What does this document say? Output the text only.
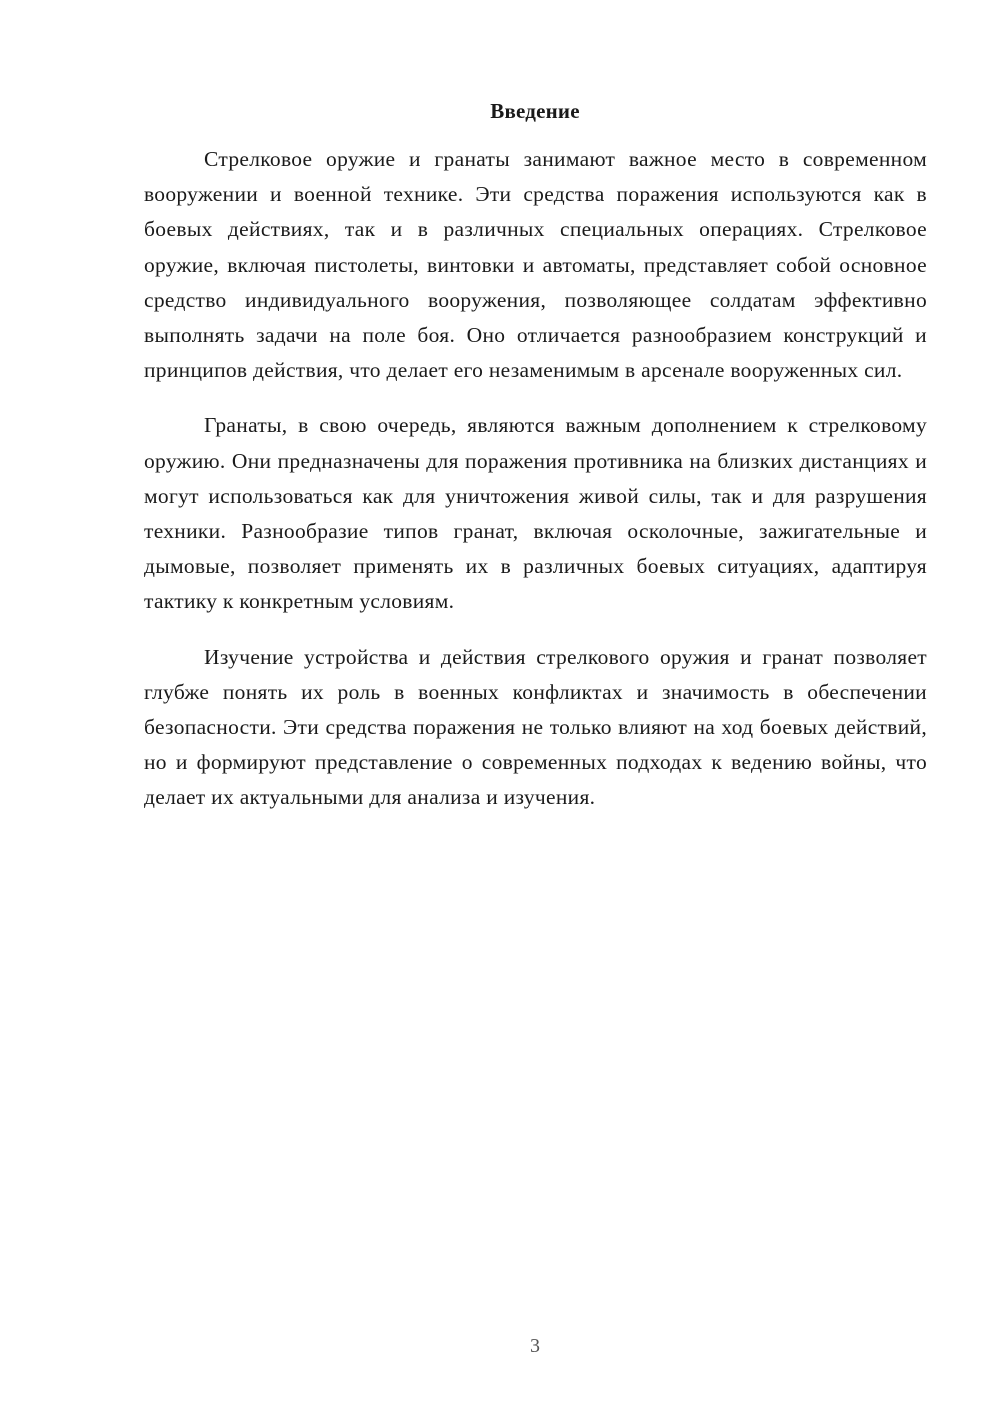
Введение

Стрелковое оружие и гранаты занимают важное место в современном вооружении и военной технике. Эти средства поражения используются как в боевых действиях, так и в различных специальных операциях. Стрелковое оружие, включая пистолеты, винтовки и автоматы, представляет собой основное средство индивидуального вооружения, позволяющее солдатам эффективно выполнять задачи на поле боя. Оно отличается разнообразием конструкций и принципов действия, что делает его незаменимым в арсенале вооруженных сил.

Гранаты, в свою очередь, являются важным дополнением к стрелковому оружию. Они предназначены для поражения противника на близких дистанциях и могут использоваться как для уничтожения живой силы, так и для разрушения техники. Разнообразие типов гранат, включая осколочные, зажигательные и дымовые, позволяет применять их в различных боевых ситуациях, адаптируя тактику к конкретным условиям.

Изучение устройства и действия стрелкового оружия и гранат позволяет глубже понять их роль в военных конфликтах и значимость в обеспечении безопасности. Эти средства поражения не только влияют на ход боевых действий, но и формируют представление о современных подходах к ведению войны, что делает их актуальными для анализа и изучения.

3
